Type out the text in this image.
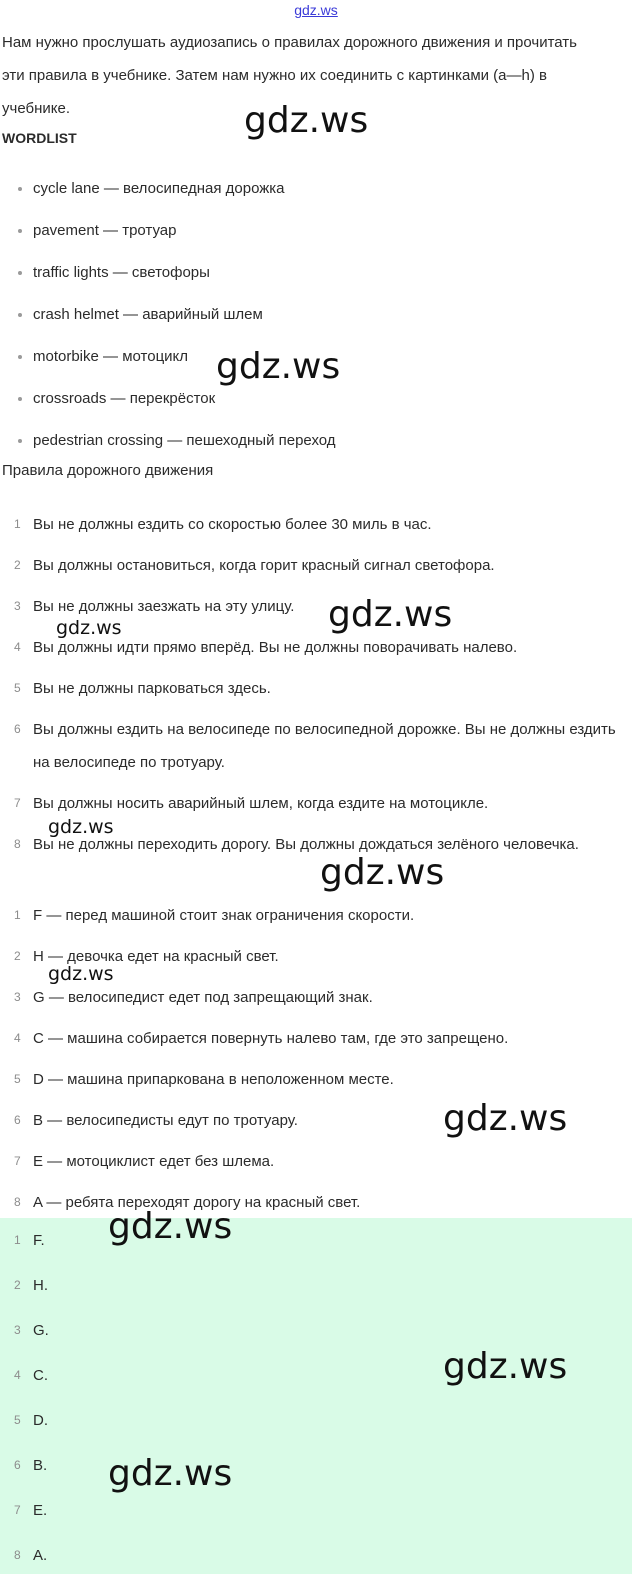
gdz.ws

Нам нужно прослушать аудиозапись о правилах дорожного движения и прочитать эти правила в учебнике. Затем нам нужно их соединить с картинками (a—h) в учебнике.

WORDLIST
cycle lane — велосипедная дорожка
pavement — тротуар
traffic lights — светофоры
crash helmet — аварийный шлем
motorbike — мотоцикл
crossroads — перекрёсток
pedestrian crossing — пешеходный переход
Правила дорожного движения
1 Вы не должны ездить со скоростью более 30 миль в час.
2 Вы должны остановиться, когда горит красный сигнал светофора.
3 Вы не должны заезжать на эту улицу.
4 Вы должны идти прямо вперёд. Вы не должны поворачивать налево.
5 Вы не должны парковаться здесь.
6 Вы должны ездить на велосипеде по велосипедной дорожке. Вы не должны ездить на велосипеде по тротуару.
7 Вы должны носить аварийный шлем, когда ездите на мотоцикле.
8 Вы не должны переходить дорогу. Вы должны дождаться зелёного человечка.
1 F — перед машиной стоит знак ограничения скорости.
2 H — девочка едет на красный свет.
3 G — велосипедист едет под запрещающий знак.
4 C — машина собирается повернуть налево там, где это запрещено.
5 D — машина припаркована в неположенном месте.
6 B — велосипедисты едут по тротуару.
7 E — мотоциклист едет без шлема.
8 A — ребята переходят дорогу на красный свет.
1 F.
2 H.
3 G.
4 C.
5 D.
6 B.
7 E.
8 A.
gdz.ws
gdz.ws
gdz.ws
gdz.ws
gdz.ws
gdz.ws
gdz.ws
gdz.ws
gdz.ws
gdz.ws
gdz.ws
